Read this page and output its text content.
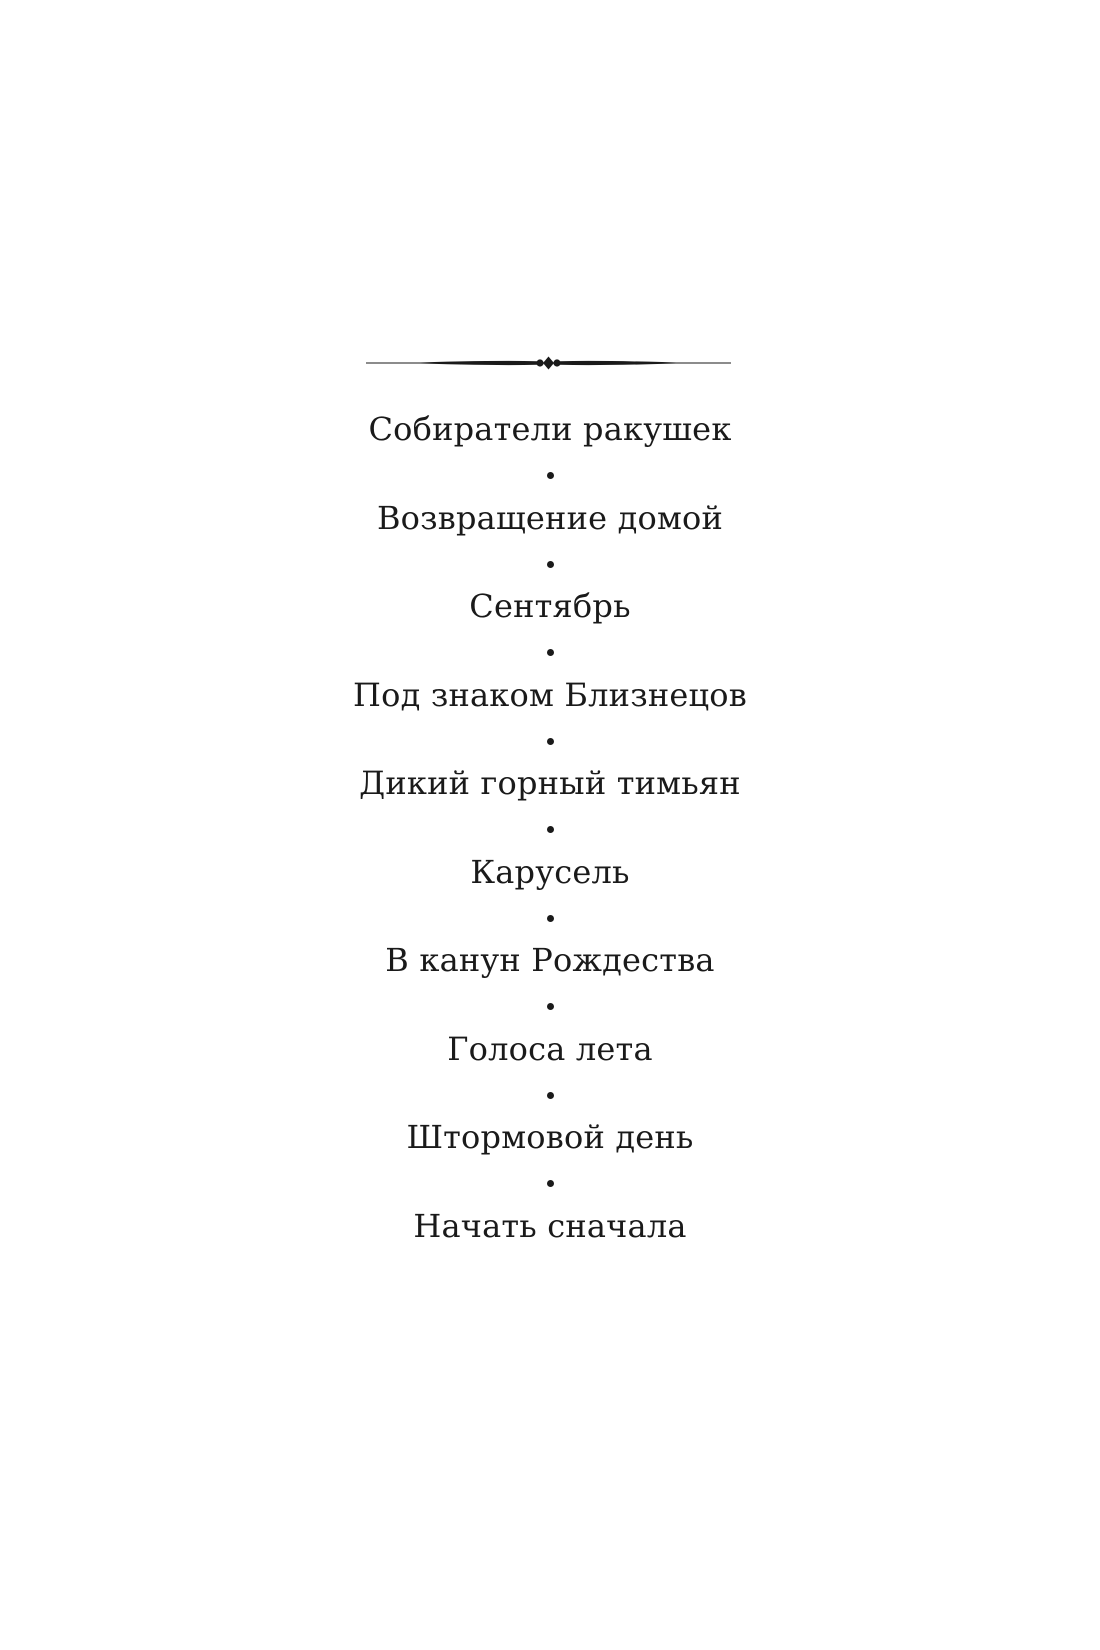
Собиратели ракушек
Возвращение домой
Сентябрь
Под знаком Близнецов
Дикий горный тимьян
Карусель
В канун Рождества
Голоса лета
Штормовой день
Начать сначала
